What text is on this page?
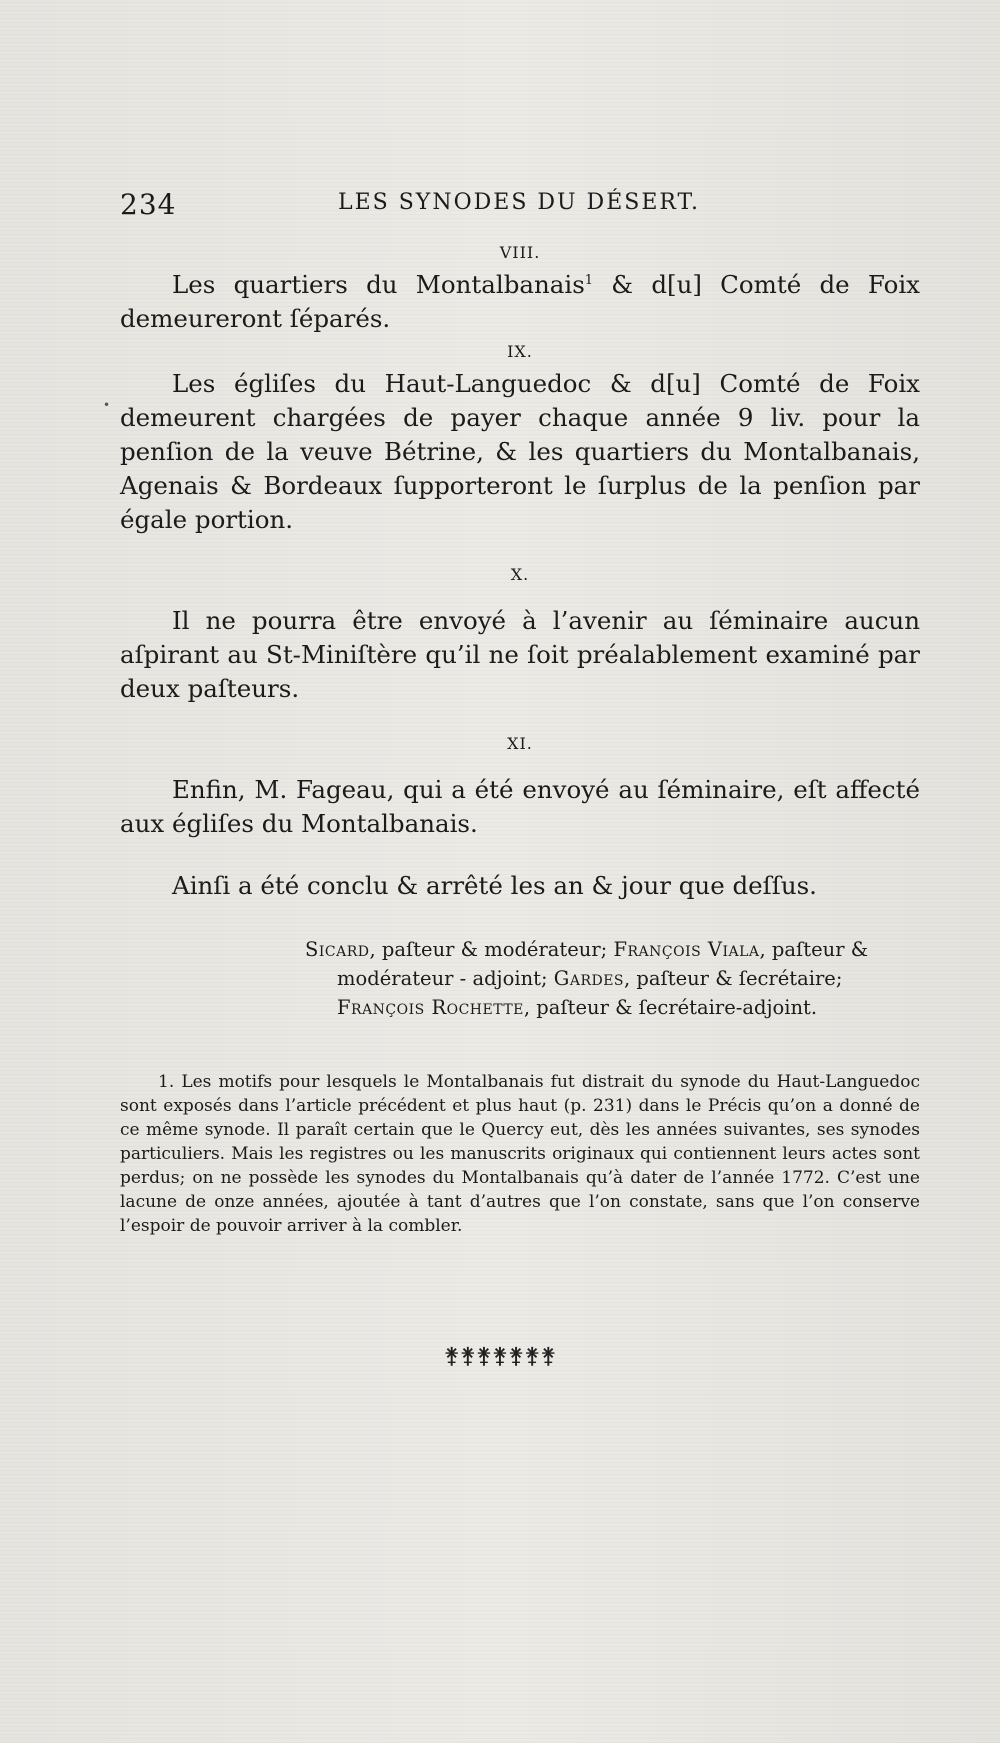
234	LES SYNODES DU DÉSERT.
•

VIII.

Les quartiers du Montalbanais$^1$ & d[u] Comté de Foix demeureront ſéparés.

IX.

Les égliſes du Haut-Languedoc & d[u] Comté de Foix demeurent chargées de payer chaque année 9 liv. pour la penſion de la veuve Bétrine, & les quartiers du Montalbanais, Agenais & Bordeaux ſupporteront le ſurplus de la penſion par égale portion.

X.

Il ne pourra être envoyé à l’avenir au ſéminaire aucun aſpirant au St-Miniſtère qu’il ne ſoit préalablement examiné par deux paſteurs.

XI.

Enfin, M. Fageau, qui a été envoyé au ſéminaire, eſt affecté aux égliſes du Montalbanais.

Ainſi a été conclu & arrêté les an & jour que deſſus.

Sicard, paſteur & modérateur; François Viala, paſteur &
modérateur - adjoint; Gardes, paſteur & ſecrétaire;
François Rochette, paſteur & ſecrétaire-adjoint.

1. Les motifs pour lesquels le Montalbanais fut distrait du synode du Haut-Languedoc sont exposés dans l’article précédent et plus haut (p. 231) dans le Précis qu’on a donné de ce même synode. Il paraît certain que le Quercy eut, dès les années suivantes, ses synodes particuliers. Mais les registres ou les manuscrits originaux qui contiennent leurs actes sont perdus; on ne possède les synodes du Montalbanais qu’à dater de l’année 1772. C’est une lacune de onze années, ajoutée à tant d’autres que l’on constate, sans que l’on conserve l’espoir de pouvoir arriver à la combler.

⚵⚵⚵⚵⚵⚵⚵
